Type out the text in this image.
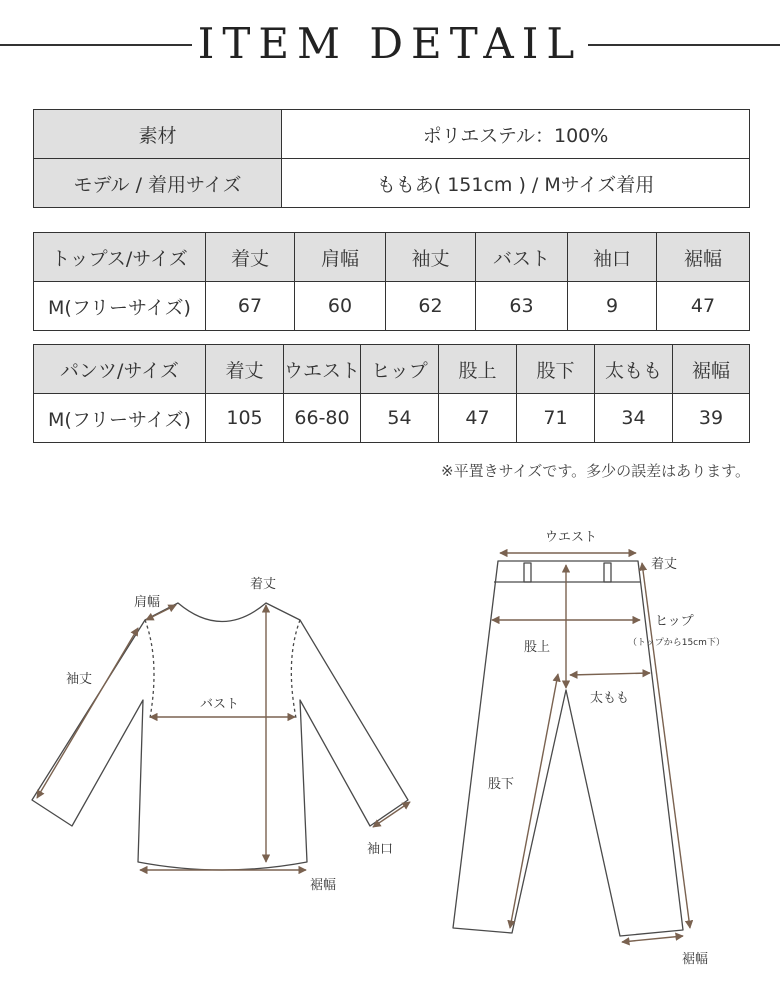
ITEM DETAIL
素材	ポリエステル：100%
モデル / 着用サイズ	ももあ( 151cm ) / Mサイズ着用
トップス/サイズ	着丈	肩幅	袖丈	バスト	袖口	裾幅
M(フリーサイズ)	67	60	62	63	9	47
パンツ/サイズ	着丈	ウエスト	ヒップ	股上	股下	太もも	裾幅
M(フリーサイズ)	105	66-80	54	47	71	34	39
※平置きサイズです。多少の誤差はあります。
着丈
肩幅
袖丈
バスト
袖口
裾幅
ウエスト
着丈
ヒップ
（トップから15cm下）
股上
太もも
股下
裾幅
